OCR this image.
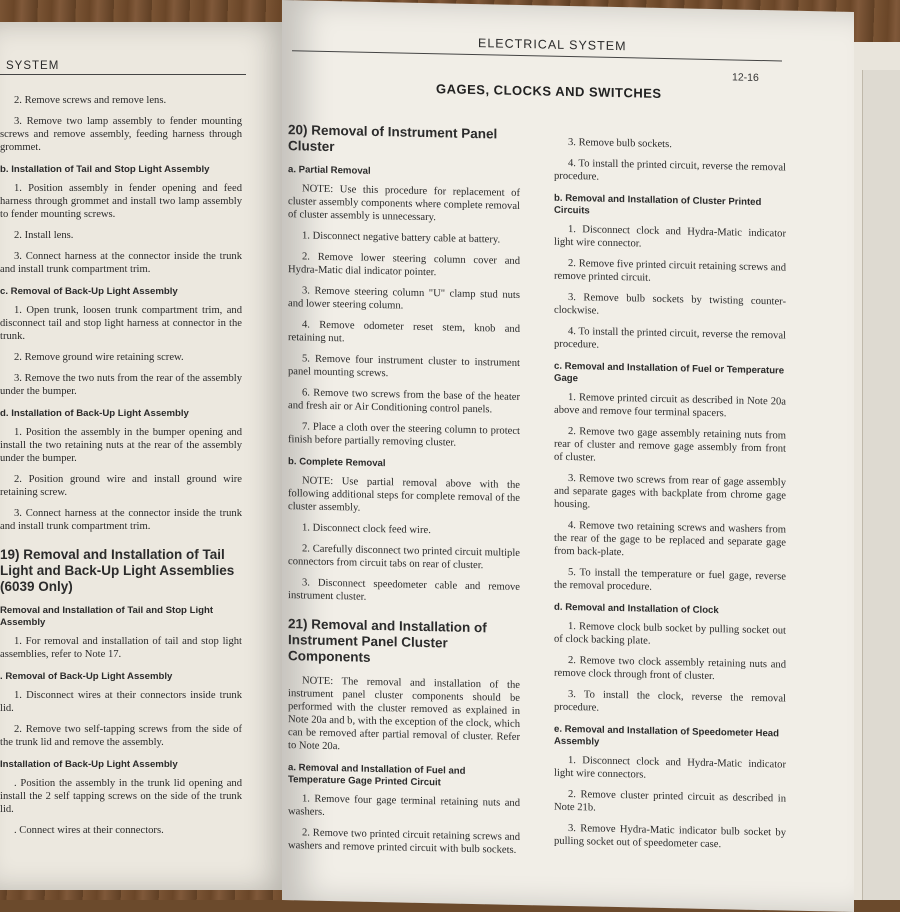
SYSTEM

2. Remove screws and remove lens.

3. Remove two lamp assembly to fender mounting screws and remove assembly, feeding harness through grommet.

b. Installation of Tail and Stop Light Assembly

1. Position assembly in fender opening and feed harness through grommet and install two lamp assembly to fender mounting screws.

2. Install lens.

3. Connect harness at the connector inside the trunk and install trunk compartment trim.

c. Removal of Back-Up Light Assembly

1. Open trunk, loosen trunk compartment trim, and disconnect tail and stop light harness at connector in the trunk.

2. Remove ground wire retaining screw.

3. Remove the two nuts from the rear of the assembly under the bumper.

d. Installation of Back-Up Light Assembly

1. Position the assembly in the bumper opening and install the two retaining nuts at the rear of the assembly under the bumper.

2. Position ground wire and install ground wire retaining screw.

3. Connect harness at the connector inside the trunk and install trunk compartment trim.

19) Removal and Installation of Tail Light and Back-Up Light Assemblies (6039 Only)
Removal and Installation of Tail and Stop Light Assembly

1. For removal and installation of tail and stop light assemblies, refer to Note 17.

. Removal of Back-Up Light Assembly

1. Disconnect wires at their connectors inside trunk lid.

2. Remove two self-tapping screws from the side of the trunk lid and remove the assembly.

Installation of Back-Up Light Assembly

. Position the assembly in the trunk lid opening and install the 2 self tapping screws on the side of the trunk lid.

. Connect wires at their connectors.

ELECTRICAL SYSTEM
12-16
GAGES, CLOCKS AND SWITCHES
20) Removal of Instrument Panel Cluster
a. Partial Removal

NOTE: Use this procedure for replacement of cluster assembly components where complete removal of cluster assembly is unnecessary.

1. Disconnect negative battery cable at battery.

2. Remove lower steering column cover and Hydra-Matic dial indicator pointer.

3. Remove steering column "U" clamp stud nuts and lower steering column.

4. Remove odometer reset stem, knob and retaining nut.

5. Remove four instrument cluster to instrument panel mounting screws.

6. Remove two screws from the base of the heater and fresh air or Air Conditioning control panels.

7. Place a cloth over the steering column to protect finish before partially removing cluster.

b. Complete Removal

NOTE: Use partial removal above with the following additional steps for complete removal of the cluster assembly.

1. Disconnect clock feed wire.

2. Carefully disconnect two printed circuit multiple connectors from circuit tabs on rear of cluster.

3. Disconnect speedometer cable and remove instrument cluster.

21) Removal and Installation of Instrument Panel Cluster Components

NOTE: The removal and installation of the instrument panel cluster components should be performed with the cluster removed as explained in Note 20a and b, with the exception of the clock, which can be removed after partial removal of cluster. Refer to Note 20a.

a. Removal and Installation of Fuel and Temperature Gage Printed Circuit

1. Remove four gage terminal retaining nuts and washers.

2. Remove two printed circuit retaining screws and washers and remove printed circuit with bulb sockets.

3. Remove bulb sockets.

4. To install the printed circuit, reverse the removal procedure.

b. Removal and Installation of Cluster Printed Circuits

1. Disconnect clock and Hydra-Matic indicator light wire connector.

2. Remove five printed circuit retaining screws and remove printed circuit.

3. Remove bulb sockets by twisting counter-clockwise.

4. To install the printed circuit, reverse the removal procedure.

c. Removal and Installation of Fuel or Temperature Gage

1. Remove printed circuit as described in Note 20a above and remove four terminal spacers.

2. Remove two gage assembly retaining nuts from rear of cluster and remove gage assembly from front of cluster.

3. Remove two screws from rear of gage assembly and separate gages with backplate from chrome gage housing.

4. Remove two retaining screws and washers from the rear of the gage to be replaced and separate gage from back-plate.

5. To install the temperature or fuel gage, reverse the removal procedure.

d. Removal and Installation of Clock

1. Remove clock bulb socket by pulling socket out of clock backing plate.

2. Remove two clock assembly retaining nuts and remove clock through front of cluster.

3. To install the clock, reverse the removal procedure.

e. Removal and Installation of Speedometer Head Assembly

1. Disconnect clock and Hydra-Matic indicator light wire connectors.

2. Remove cluster printed circuit as described in Note 21b.

3. Remove Hydra-Matic indicator bulb socket by pulling socket out of speedometer case.
